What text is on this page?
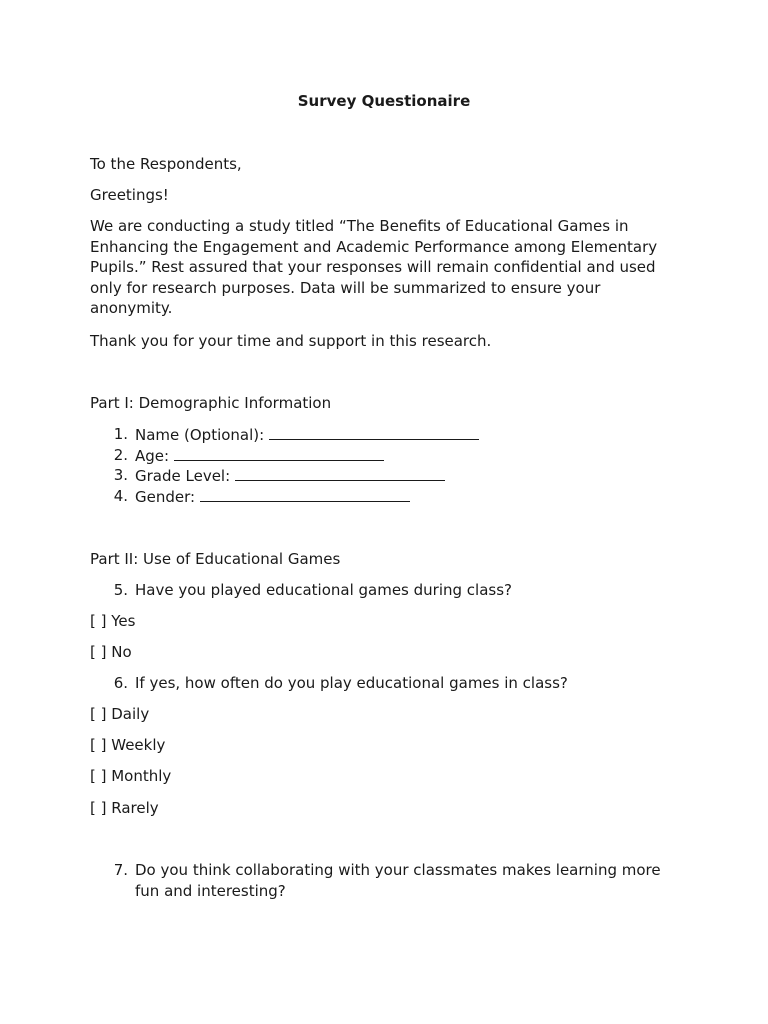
Survey Questionaire
To the Respondents,
Greetings!
We are conducting a study titled “The Benefits of Educational Games in Enhancing the Engagement and Academic Performance among Elementary Pupils.” Rest assured that your responses will remain confidential and used only for research purposes. Data will be summarized to ensure your anonymity.
Thank you for your time and support in this research.
Part I: Demographic Information
1. Name (Optional):
2. Age:
3. Grade Level:
4. Gender:
Part II: Use of Educational Games
5. Have you played educational games during class?
[ ] Yes
[ ] No
6. If yes, how often do you play educational games in class?
[ ] Daily
[ ] Weekly
[ ] Monthly
[ ] Rarely
7. Do you think collaborating with your classmates makes learning more fun and interesting?
